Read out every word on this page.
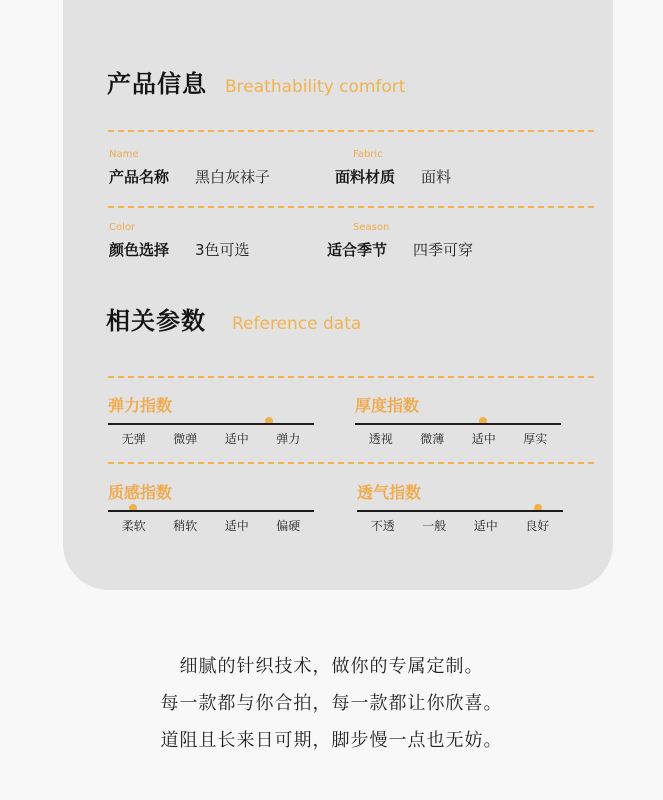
产品信息 Breathability comfort
Name
产品名称 黑白灰袜子
Fabric
面料材质 面料
Color
颜色选择 3色可选
Season
适合季节 四季可穿
相关参数 Reference data
弹力指数
无弹	微弹	适中	弹力
厚度指数
透视	微薄	适中	厚实
质感指数
柔软	稍软	适中	偏硬
透气指数
不透	一般	适中	良好
细腻的针织技术，做你的专属定制。
每一款都与你合拍，每一款都让你欣喜。
道阻且长来日可期，脚步慢一点也无妨。
